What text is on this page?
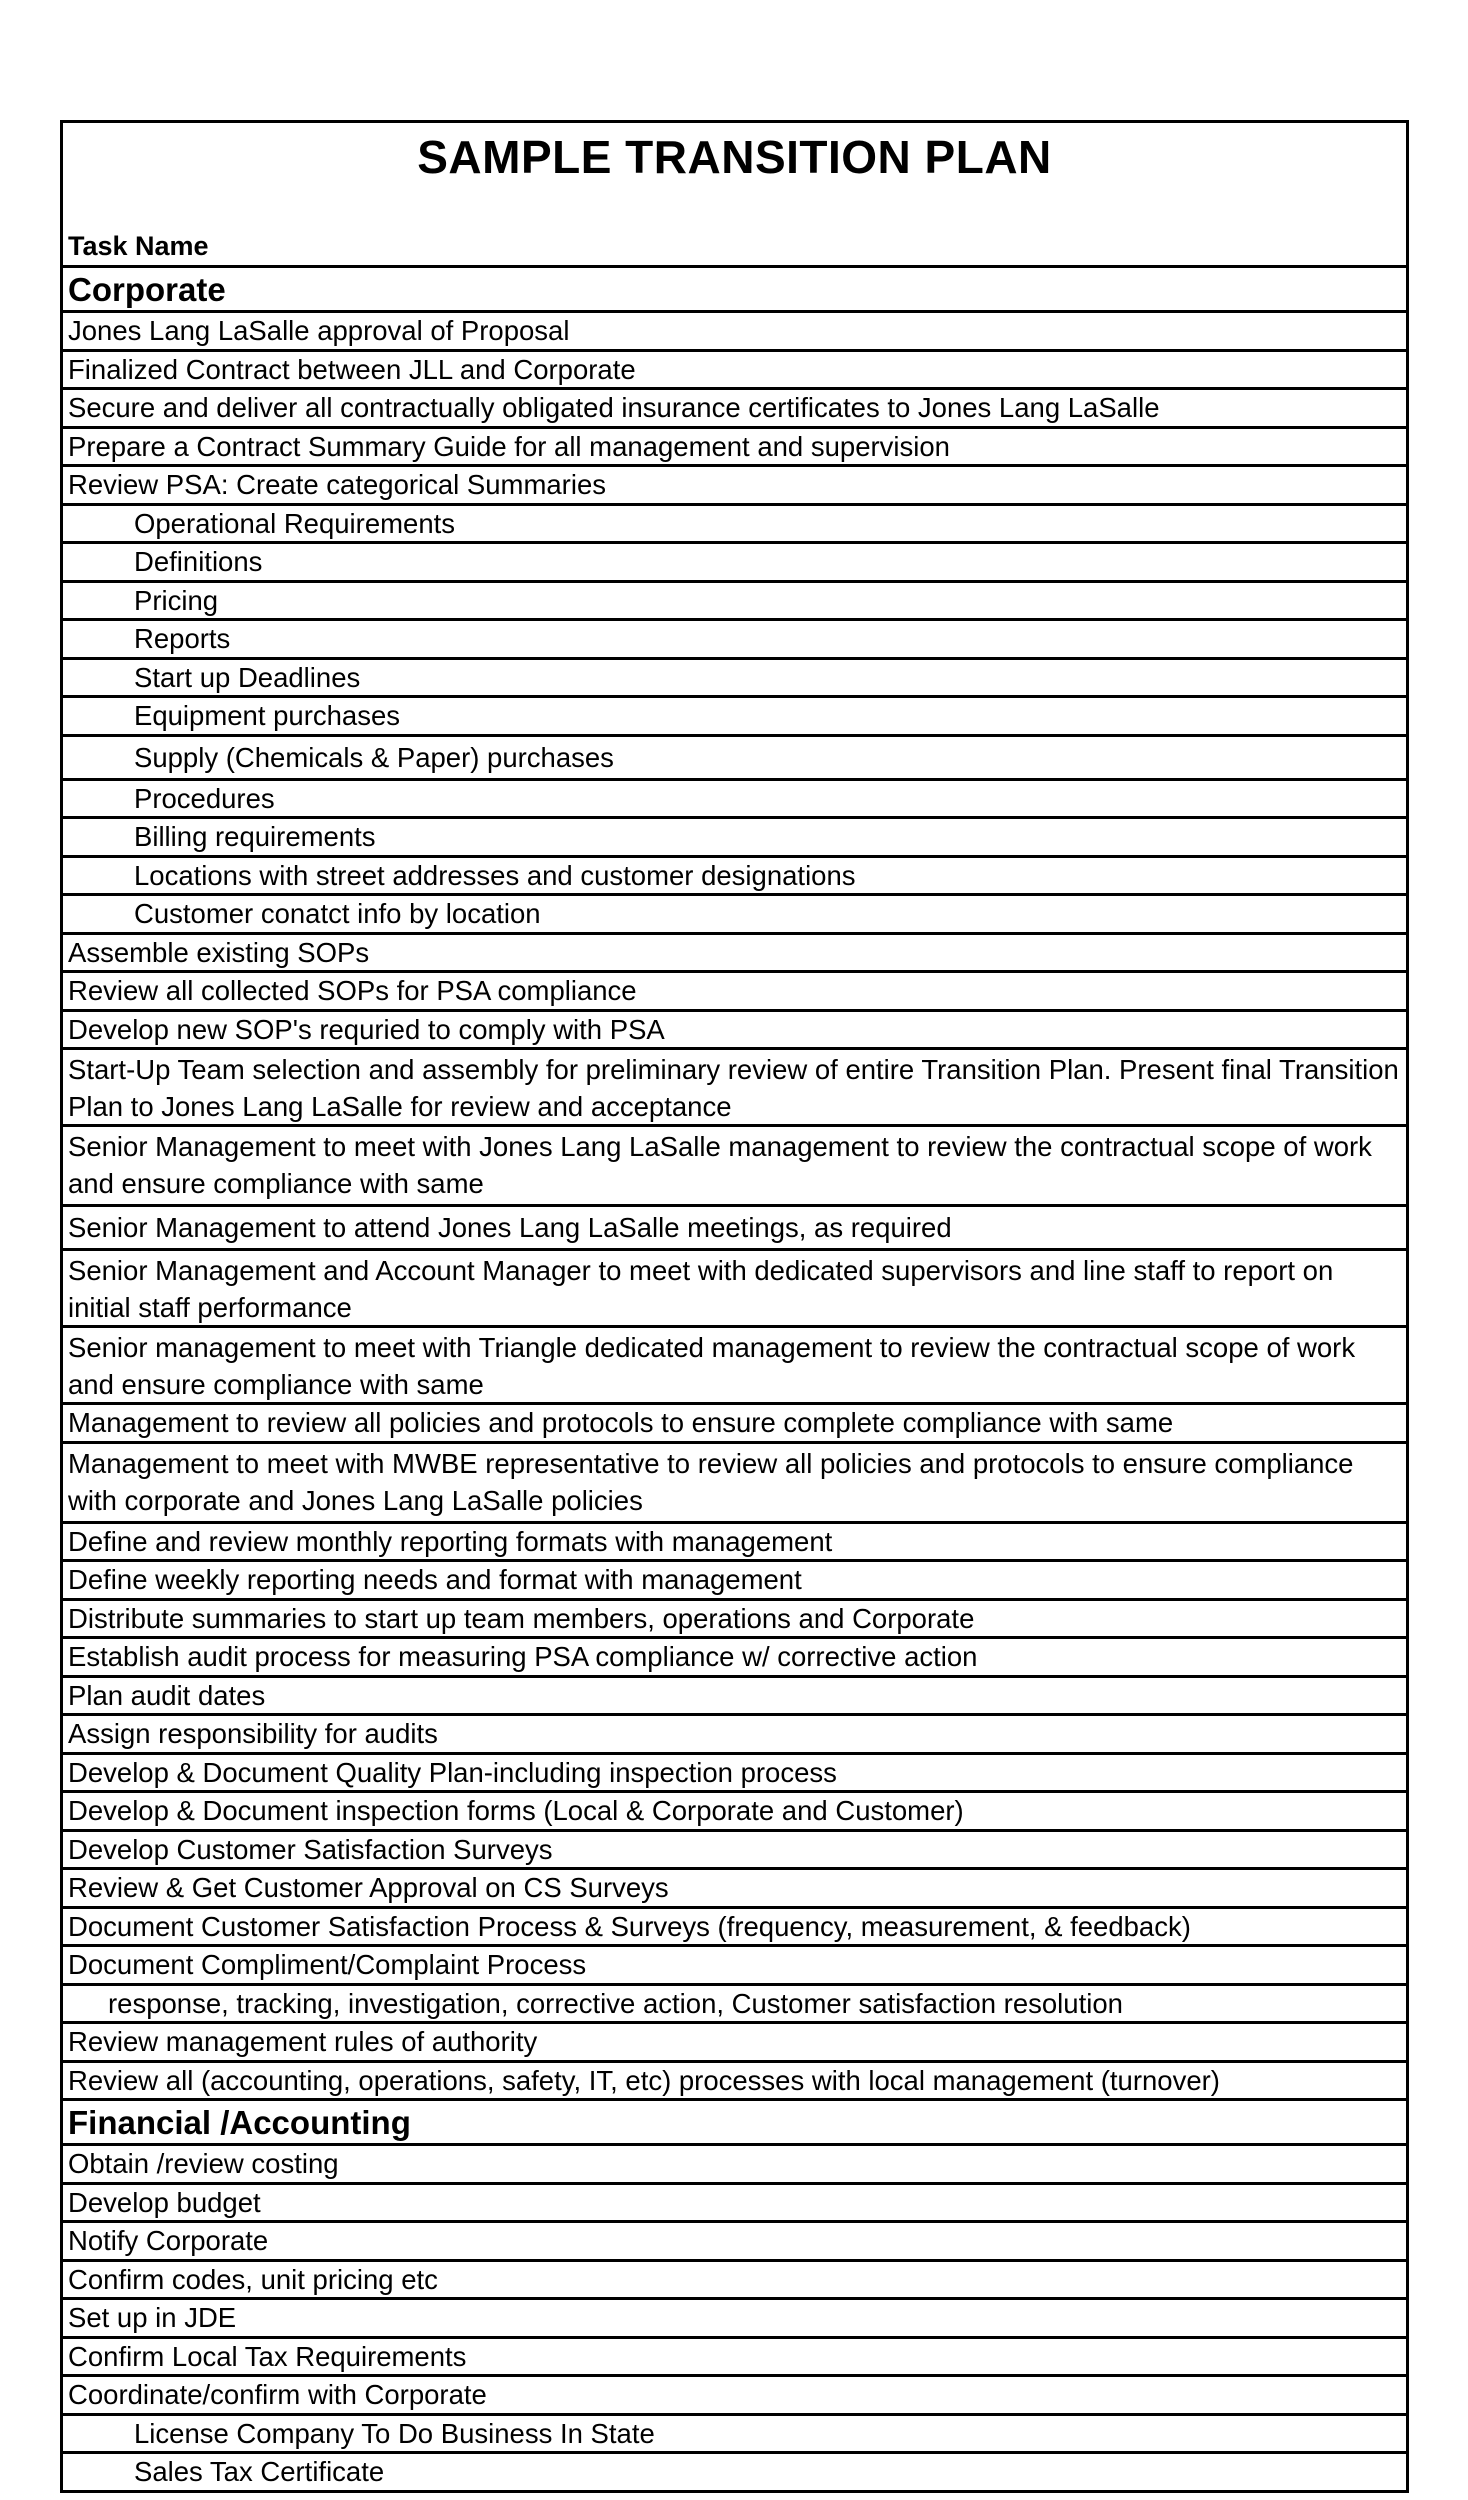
SAMPLE TRANSITION PLAN
Task Name
Corporate
Jones Lang LaSalle approval of Proposal
Finalized Contract between JLL and Corporate
Secure and deliver all contractually obligated insurance certificates to Jones Lang LaSalle
Prepare a Contract Summary Guide for all management and supervision
Review PSA: Create categorical Summaries
Operational Requirements
Definitions
Pricing
Reports
Start up Deadlines
Equipment purchases
Supply (Chemicals & Paper) purchases
Procedures
Billing requirements
Locations with street addresses and customer designations
Customer conatct info by location
Assemble existing SOPs
Review all collected SOPs for PSA compliance
Develop new SOP's requried to comply with PSA
Start-Up Team selection and assembly for preliminary review of entire Transition Plan. Present final Transition Plan to Jones Lang LaSalle for review and acceptance
Senior Management to meet with Jones Lang LaSalle management to review the contractual scope of work and ensure compliance with same
Senior Management to attend Jones Lang LaSalle meetings, as required
Senior Management and Account Manager to meet with dedicated supervisors and line staff to report on initial staff performance
Senior management to meet with Triangle dedicated management to review the contractual scope of work and ensure compliance with same
Management to review all policies and protocols to ensure complete compliance with same
Management to meet with MWBE representative to review all policies and protocols to ensure compliance with corporate and Jones Lang LaSalle policies
Define and review monthly reporting formats with management
Define weekly reporting needs and format with management
Distribute summaries to start up team members, operations and Corporate
Establish audit process for measuring PSA compliance w/ corrective action
Plan audit dates
Assign responsibility for audits
Develop & Document Quality Plan-including inspection process
Develop & Document inspection forms (Local & Corporate and Customer)
Develop Customer Satisfaction Surveys
Review & Get Customer Approval on CS Surveys
Document Customer Satisfaction Process & Surveys (frequency, measurement, & feedback)
Document Compliment/Complaint Process
response, tracking, investigation, corrective action, Customer satisfaction resolution
Review management rules of authority
Review all (accounting, operations, safety, IT, etc) processes with local management (turnover)
Financial /Accounting
Obtain /review costing
Develop budget
Notify Corporate
Confirm codes, unit pricing etc
Set up in JDE
Confirm Local Tax Requirements
Coordinate/confirm with Corporate
License Company To Do Business In State
Sales Tax Certificate
